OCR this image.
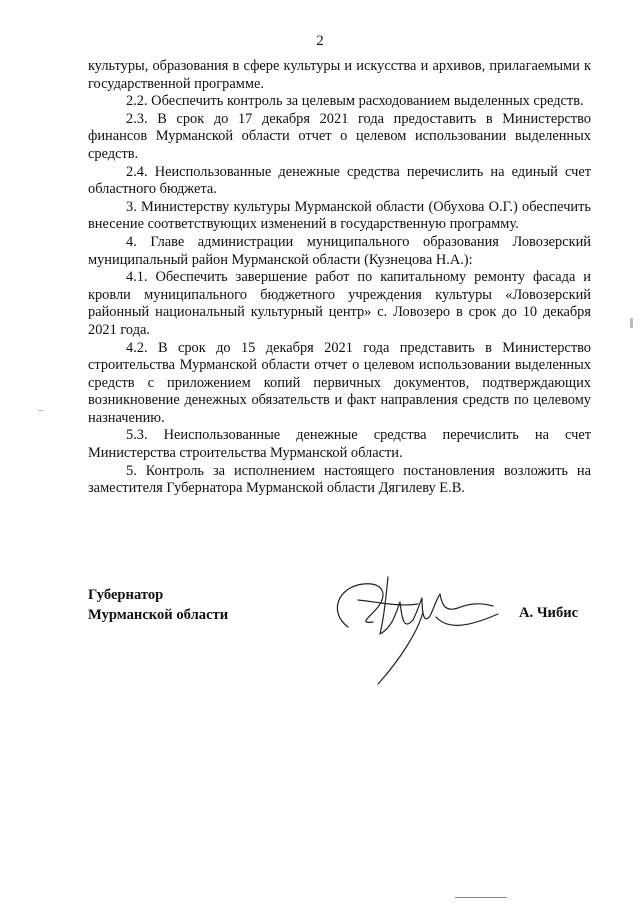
2

культуры, образования в сфере культуры и искусства и архивов, прилагаемыми к государственной программе.

2.2. Обеспечить контроль за целевым расходованием выделенных средств.

2.3. В срок до 17 декабря 2021 года предоставить в Министерство финансов Мурманской области отчет о целевом использовании выделенных средств.

2.4. Неиспользованные денежные средства перечислить на единый счет областного бюджета.

3. Министерству культуры Мурманской области (Обухова О.Г.) обеспечить внесение соответствующих изменений в государственную программу.

4. Главе администрации муниципального образования Ловозерский муниципальный район Мурманской области (Кузнецова Н.А.):

4.1. Обеспечить завершение работ по капитальному ремонту фасада и кровли муниципального бюджетного учреждения культуры «Ловозерский районный национальный культурный центр» с. Ловозеро в срок до 10 декабря 2021 года.

4.2. В срок до 15 декабря 2021 года представить в Министерство строительства Мурманской области отчет о целевом использовании выделенных средств с приложением копий первичных документов, подтверждающих возникновение денежных обязательств и факт направления средств по целевому назначению.

5.3. Неиспользованные денежные средства перечислить на счет Министерства строительства Мурманской области.

5. Контроль за исполнением настоящего постановления возложить на заместителя Губернатора Мурманской области Дягилеву Е.В.

Губернатор
Мурманской области	А. Чибис
